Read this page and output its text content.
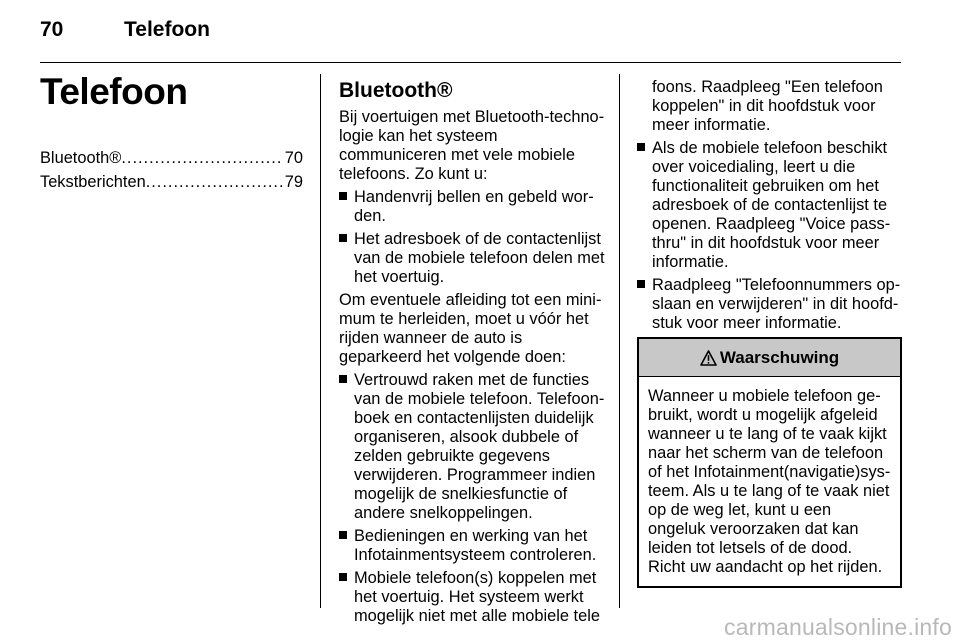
70	Telefoon
Telefoon
Bluetooth® .....	70
Tekstberichten .....	79
Bluetooth®

Bij voertuigen met Bluetooth-technologie kan het systeem communiceren met vele mobiele telefoons. Zo kunt u:

Handenvrij bellen en gebeld worden.
Het adresboek of de contactenlijst van de mobiele telefoon delen met het voertuig.

Om eventuele afleiding tot een minimum te herleiden, moet u vóór het rijden wanneer de auto is geparkeerd het volgende doen:

Vertrouwd raken met de functies van de mobiele telefoon. Telefoonboek en contactenlijsten duidelijk organiseren, alsook dubbele of zelden gebruikte gegevens verwijderen. Programmeer indien mogelijk de snelkiesfunctie of andere snelkoppelingen.
Bedieningen en werking van het Infotainmentsysteem controleren.
Mobiele telefoon(s) koppelen met het voertuig. Het systeem werkt mogelijk niet met alle mobiele tele
foons. Raadpleeg "Een telefoon koppelen" in dit hoofdstuk voor meer informatie.
Als de mobiele telefoon beschikt over voicedialing, leert u die functionaliteit gebruiken om het adresboek of de contactenlijst te openen. Raadpleeg "Voice pass-thru" in dit hoofdstuk voor meer informatie.
Raadpleeg "Telefoonnummers opslaan en verwijderen" in dit hoofdstuk voor meer informatie.
Waarschuwing
Wanneer u mobiele telefoon gebruikt, wordt u mogelijk afgeleid wanneer u te lang of te vaak kijkt naar het scherm van de telefoon of het Infotainment(navigatie)systeem. Als u te lang of te vaak niet op de weg let, kunt u een ongeluk veroorzaken dat kan leiden tot letsels of de dood. Richt uw aandacht op het rijden.
carmanualsonline.info
